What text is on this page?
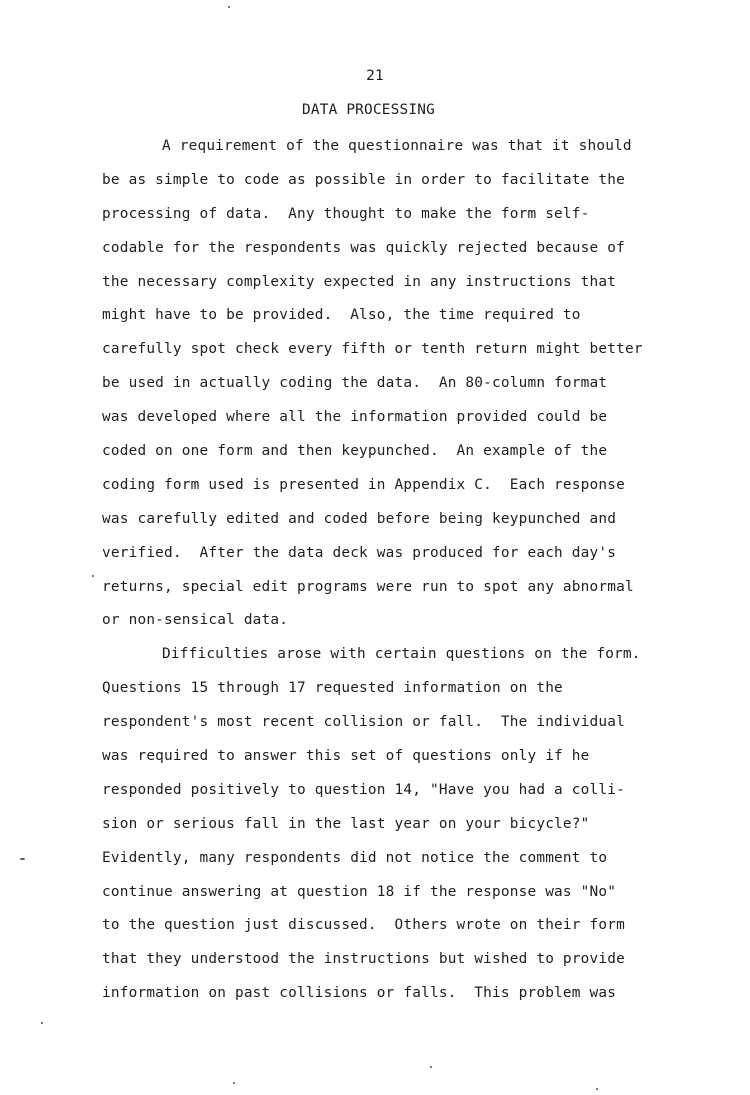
21
DATA PROCESSING
A requirement of the questionnaire was that it should
be as simple to code as possible in order to facilitate the
processing of data.  Any thought to make the form self-
codable for the respondents was quickly rejected because of
the necessary complexity expected in any instructions that
might have to be provided.  Also, the time required to
carefully spot check every fifth or tenth return might better
be used in actually coding the data.  An 80-column format
was developed where all the information provided could be
coded on one form and then keypunched.  An example of the
coding form used is presented in Appendix C.  Each response
was carefully edited and coded before being keypunched and
verified.  After the data deck was produced for each day's
returns, special edit programs were run to spot any abnormal
or non-sensical data.
Difficulties arose with certain questions on the form.
Questions 15 through 17 requested information on the
respondent's most recent collision or fall.  The individual
was required to answer this set of questions only if he
responded positively to question 14, "Have you had a colli-
sion or serious fall in the last year on your bicycle?"
Evidently, many respondents did not notice the comment to
continue answering at question 18 if the response was "No"
to the question just discussed.  Others wrote on their form
that they understood the instructions but wished to provide
information on past collisions or falls.  This problem was
